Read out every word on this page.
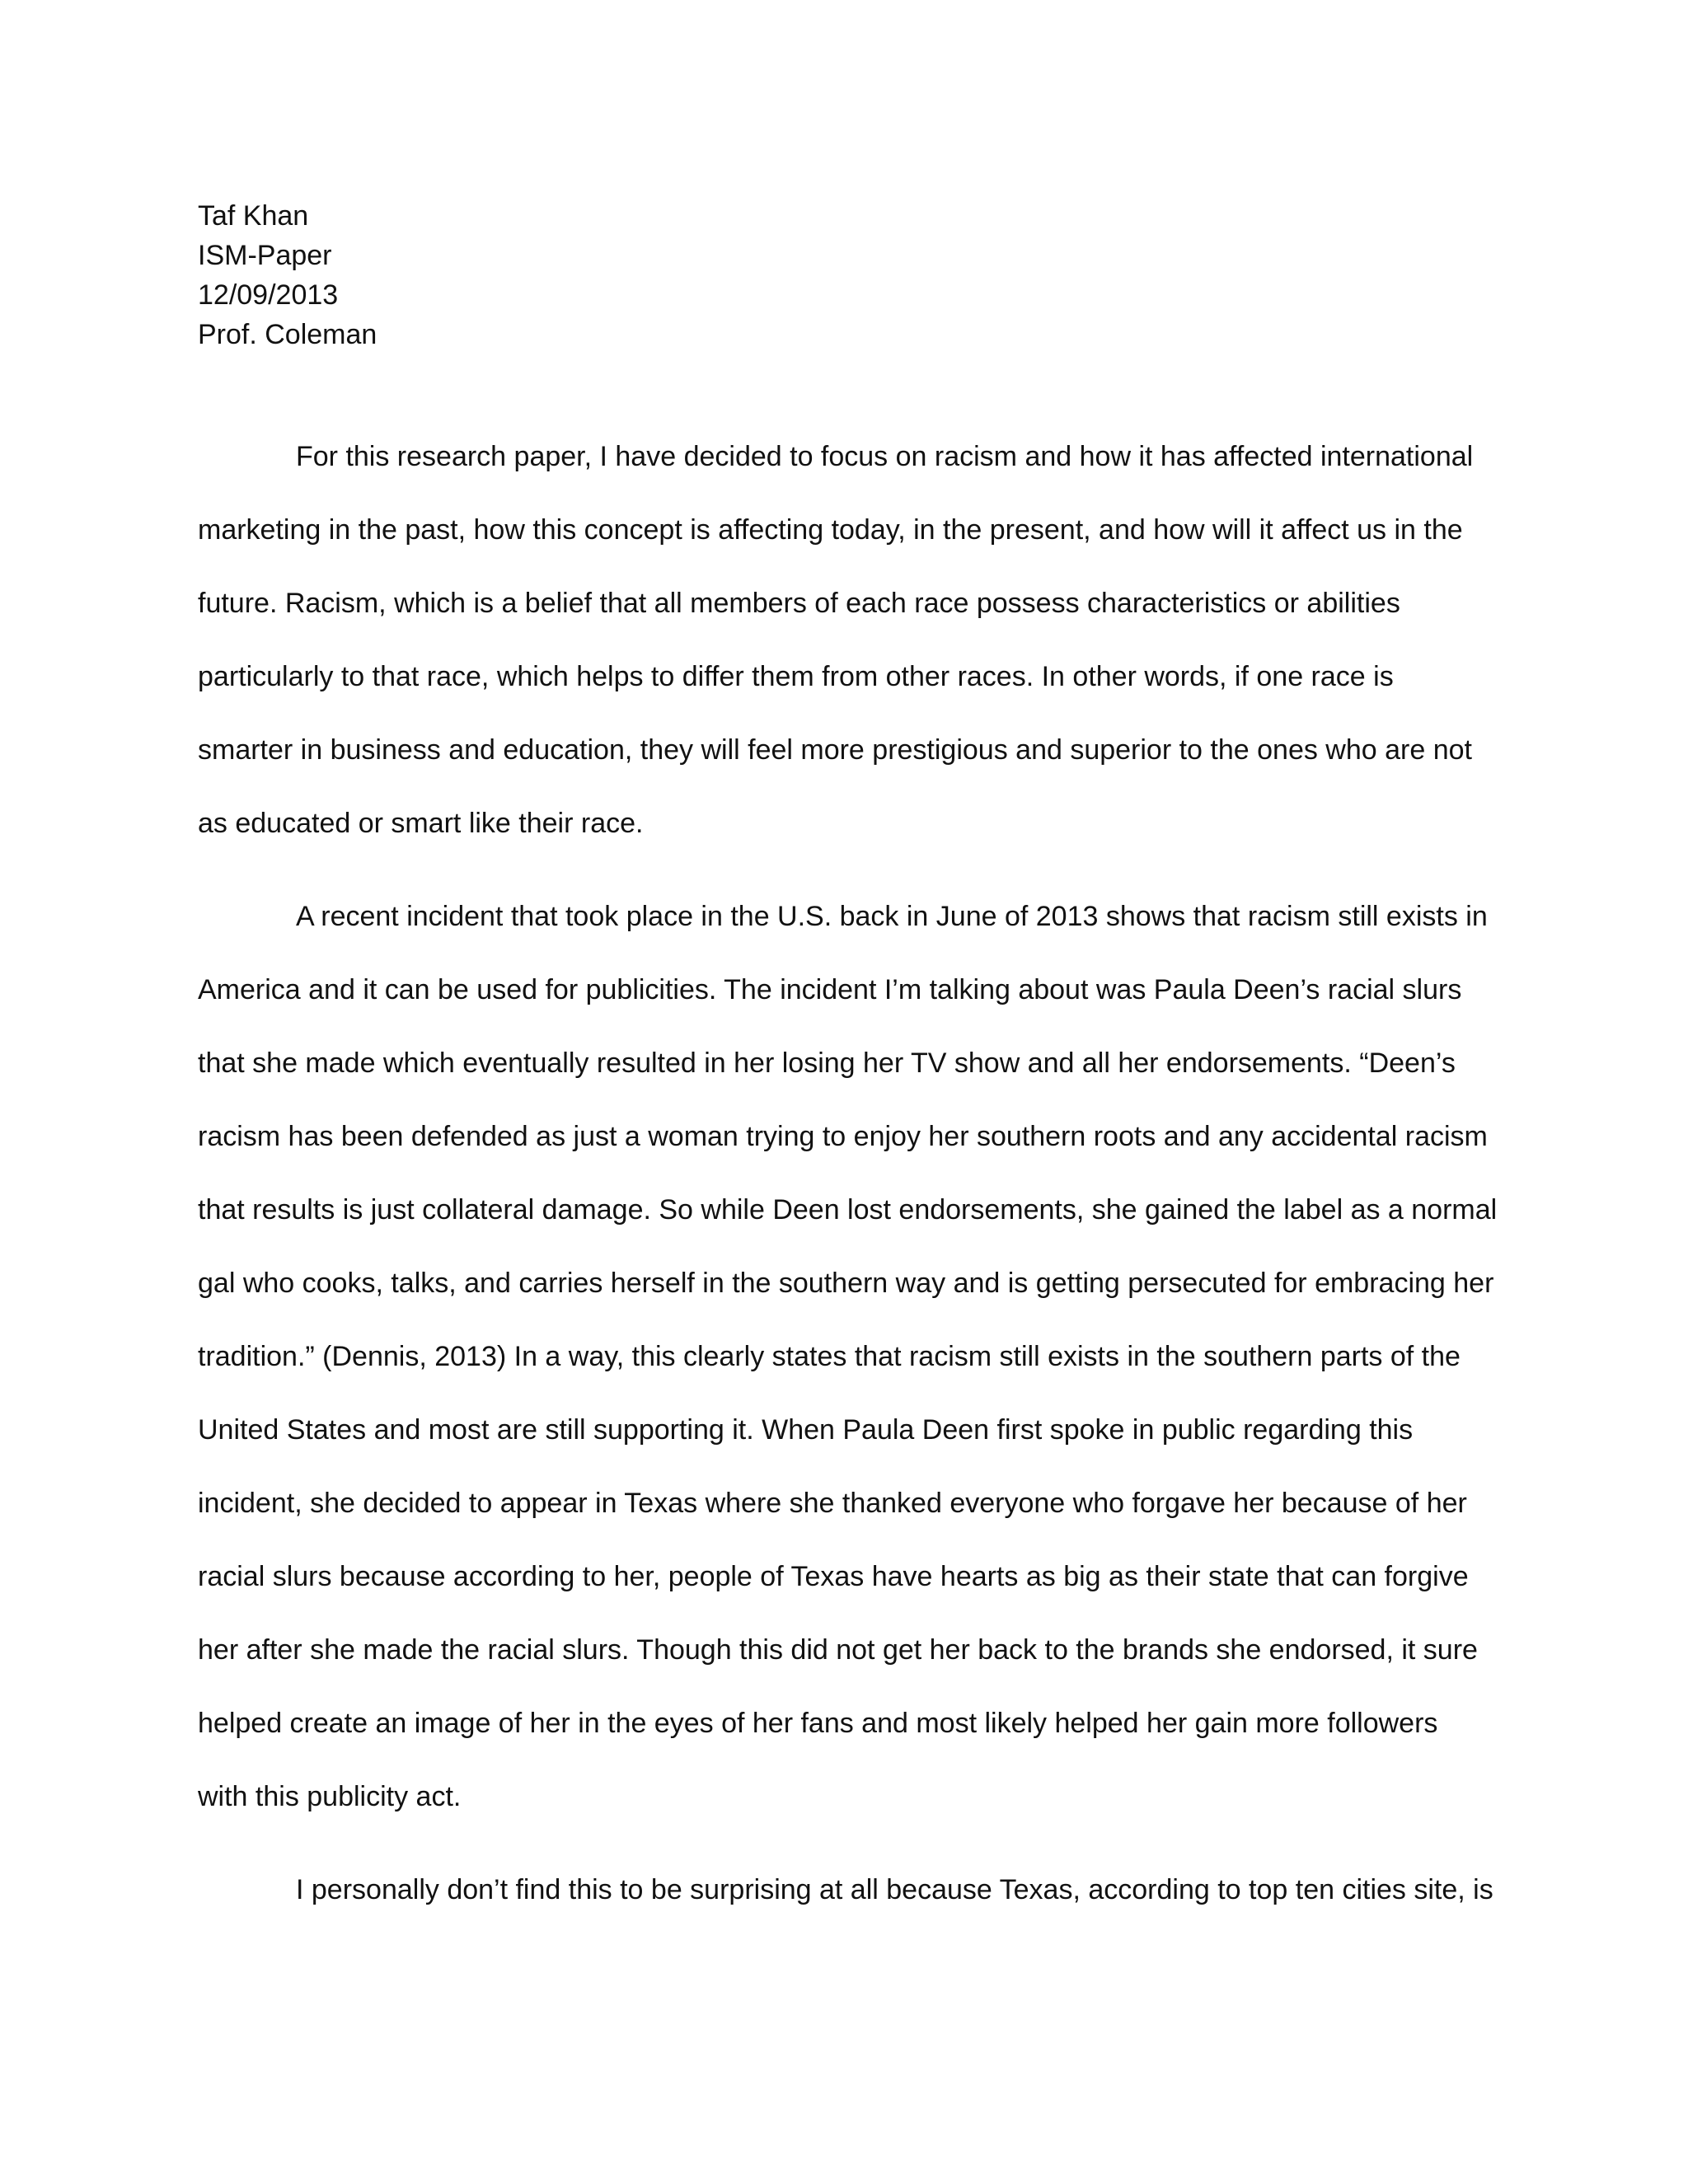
Taf Khan
ISM-Paper
12/09/2013
Prof. Coleman
For this research paper, I have decided to focus on racism and how it has affected international
marketing in the past, how this concept is affecting today, in the present, and how will it affect us in the
future. Racism, which is a belief that all members of each race possess characteristics or abilities
particularly to that race, which helps to differ them from other races. In other words, if one race is
smarter in business and education, they will feel more prestigious and superior to the ones who are not
as educated or smart like their race.
A recent incident that took place in the U.S. back in June of 2013 shows that racism still exists in
America and it can be used for publicities. The incident I’m talking about was Paula Deen’s racial slurs
that she made which eventually resulted in her losing her TV show and all her endorsements. “Deen’s
racism has been defended as just a woman trying to enjoy her southern roots and any accidental racism
that results is just collateral damage. So while Deen lost endorsements, she gained the label as a normal
gal who cooks, talks, and carries herself in the southern way and is getting persecuted for embracing her
tradition.” (Dennis, 2013) In a way, this clearly states that racism still exists in the southern parts of the
United States and most are still supporting it. When Paula Deen first spoke in public regarding this
incident, she decided to appear in Texas where she thanked everyone who forgave her because of her
racial slurs because according to her, people of Texas have hearts as big as their state that can forgive
her after she made the racial slurs. Though this did not get her back to the brands she endorsed, it sure
helped create an image of her in the eyes of her fans and most likely helped her gain more followers
with this publicity act.
I personally don’t find this to be surprising at all because Texas, according to top ten cities site, is
